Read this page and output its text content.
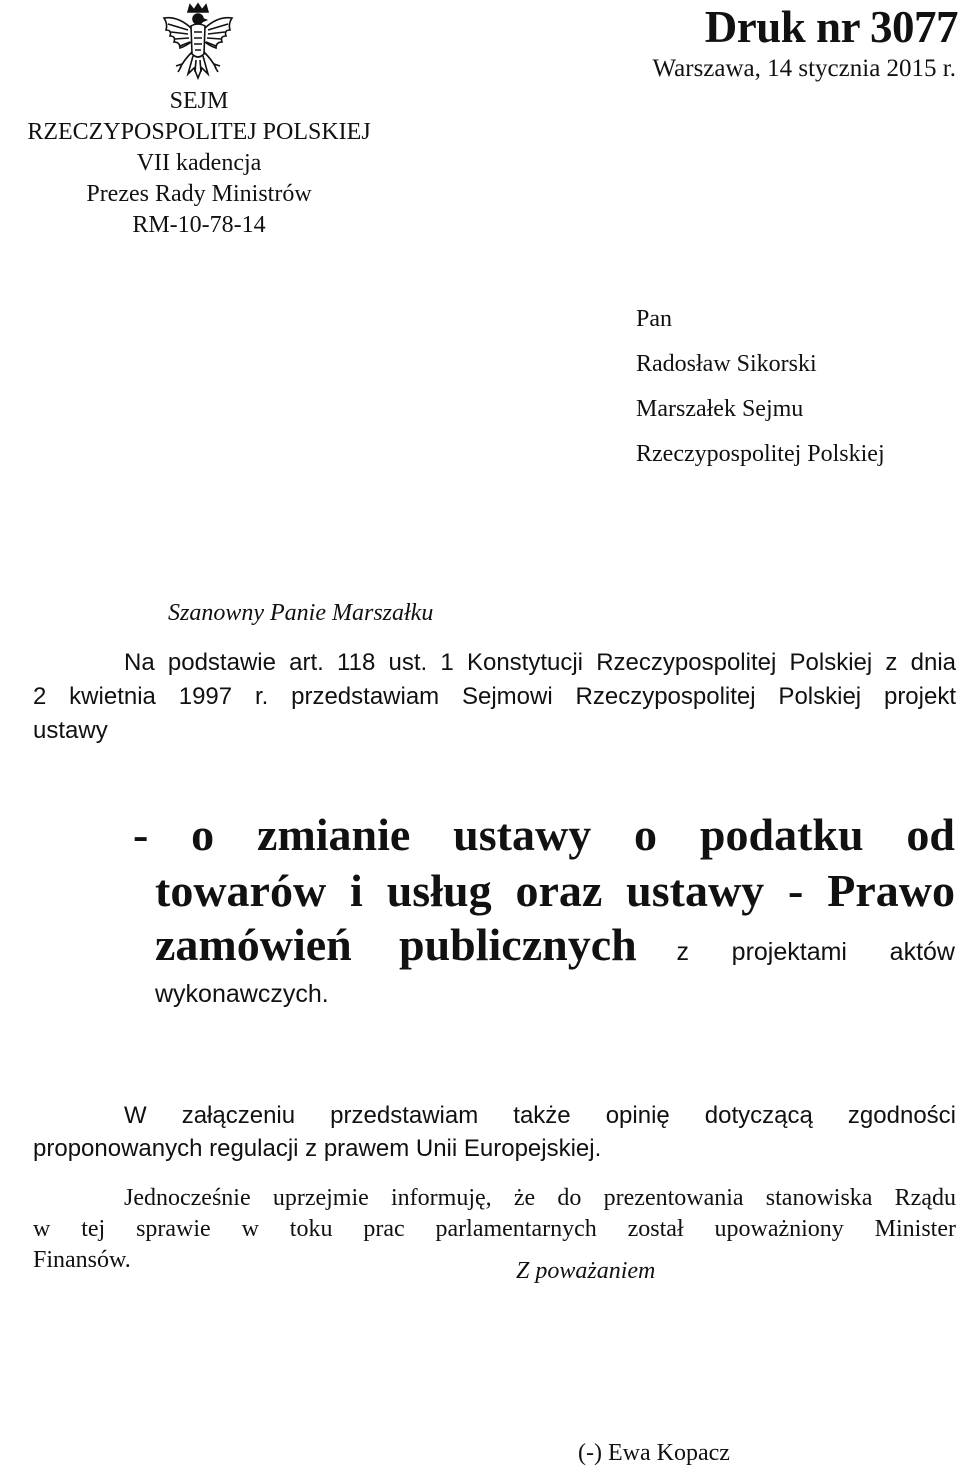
SEJM
RZECZYPOSPOLITEJ POLSKIEJ
VII kadencja
Prezes Rady Ministrów
RM-10-78-14
Druk nr 3077
Warszawa, 14 stycznia 2015 r.
Pan
Radosław Sikorski
Marszałek Sejmu
Rzeczypospolitej Polskiej
Szanowny Panie Marszałku
Na podstawie art. 118 ust. 1 Konstytucji Rzeczypospolitej Polskiej z dnia
2 kwietnia 1997 r. przedstawiam Sejmowi Rzeczypospolitej Polskiej projekt
ustawy
- o zmianie ustawy o podatku od
towarów i usług oraz ustawy - Prawo
zamówień publicznych z projektami aktów
wykonawczych.
W załączeniu przedstawiam także opinię dotyczącą zgodności
proponowanych regulacji z prawem Unii Europejskiej.
Jednocześnie uprzejmie informuję, że do prezentowania stanowiska Rządu
w tej sprawie w toku prac parlamentarnych został upoważniony Minister
Finansów.	Z poważaniem
(-) Ewa Kopacz
